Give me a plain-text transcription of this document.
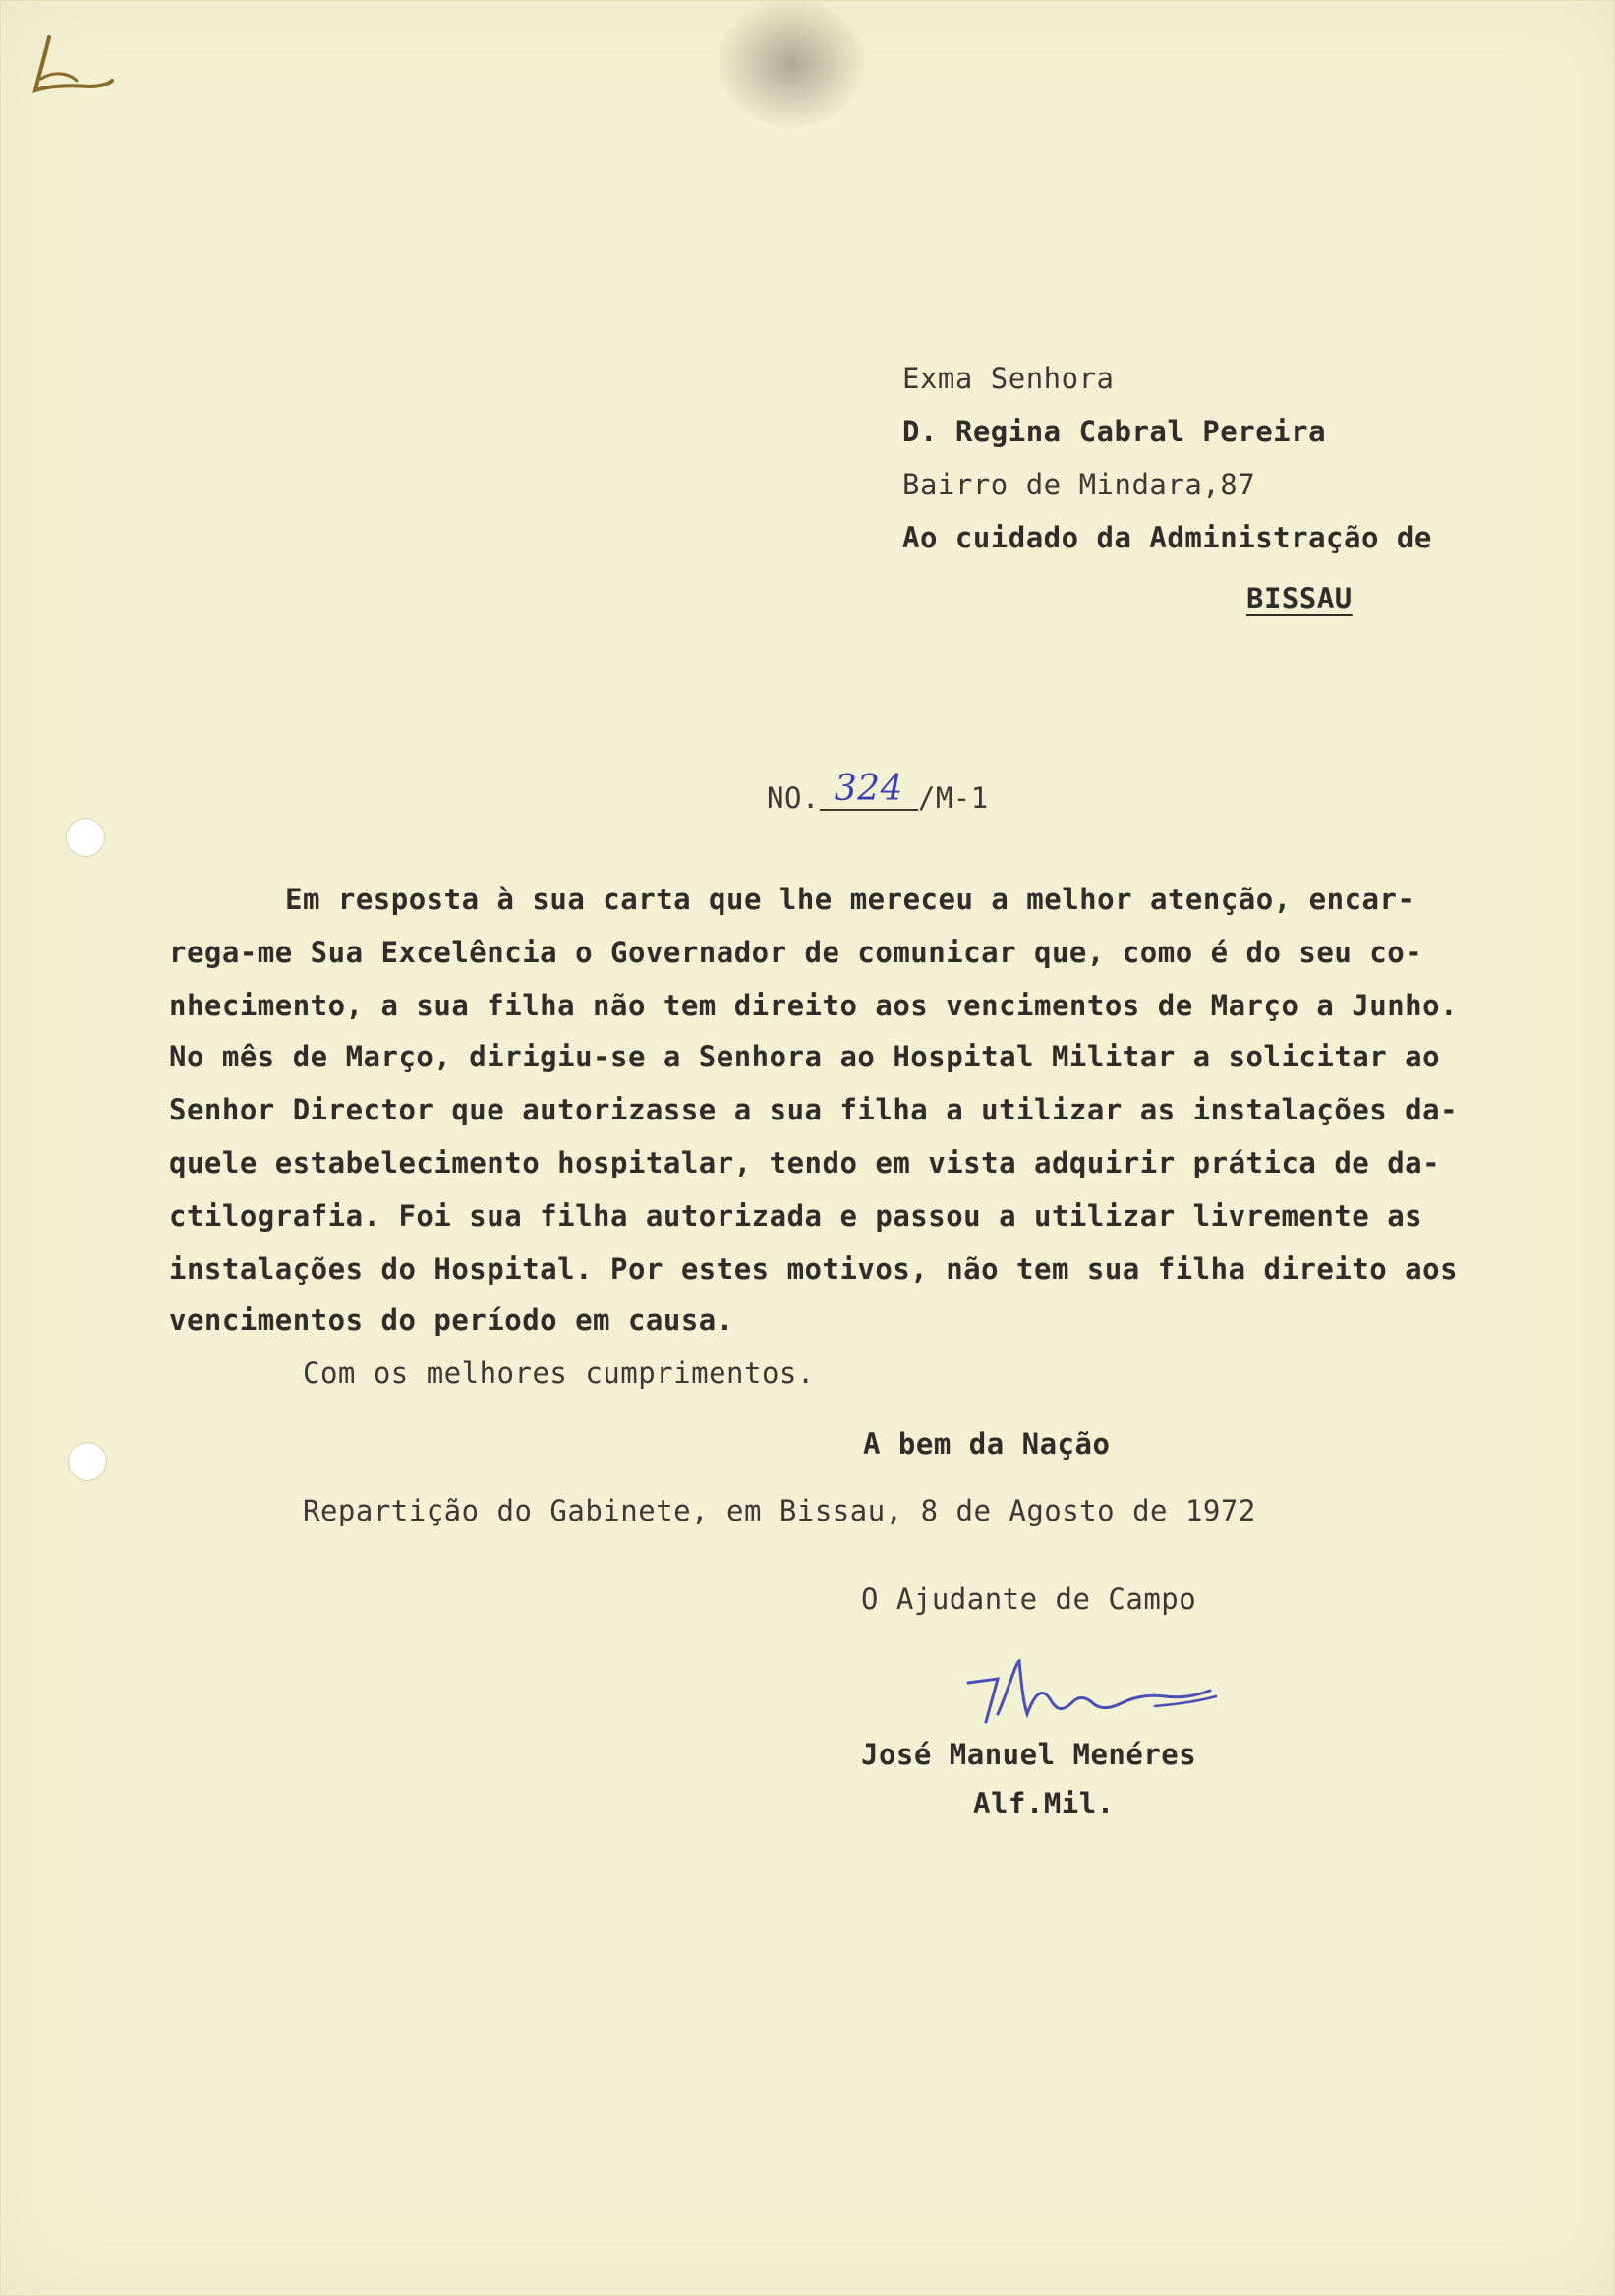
Exma Senhora
D. Regina Cabral Pereira
Bairro de Mindara,87
Ao cuidado da Administração de
BISSAU
NO. 324 /M-1
Em resposta à sua carta que lhe mereceu a melhor atenção, encar-
rega-me Sua Excelência o Governador de comunicar que, como é do seu co-
nhecimento, a sua filha não tem direito aos vencimentos de Março a Junho.
No mês de Março, dirigiu-se a Senhora ao Hospital Militar a solicitar ao
Senhor Director que autorizasse a sua filha a utilizar as instalações da-
quele estabelecimento hospitalar, tendo em vista adquirir prática de da-
ctilografia. Foi sua filha autorizada e passou a utilizar livremente as
instalações do Hospital. Por estes motivos, não tem sua filha direito aos
vencimentos do período em causa.
Com os melhores cumprimentos.
A bem da Nação
Repartição do Gabinete, em Bissau, 8 de Agosto de 1972
O Ajudante de Campo
José Manuel Menéres
Alf.Mil.
